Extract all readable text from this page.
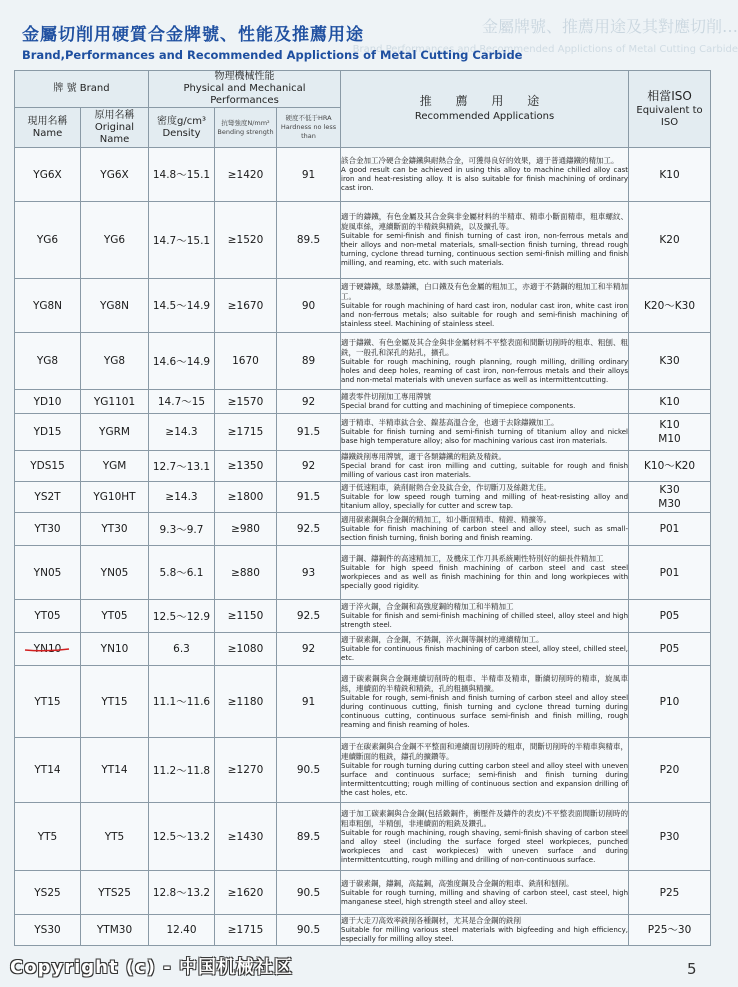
金屬牌號、推薦用途及其對應切削…
Brand,Performances and Recommended Applictions of Metal Cutting Carbide
金屬切削用硬質合金牌號、性能及推薦用途
Brand,Performances and Recommended Applictions of Metal Cutting Carbide
牌 號 Brand		物理機械性能
Physical and Mechanical Performances			推 薦 用 途
Recommended Applications	相當ISO
Equivalent to ISO

現用名稱
Name	原用名稱
Original Name	密度g/cm³
Density	抗彎強度N/mm²
Bending strength	硬度不低于HRA
Hardness no less than		

YG6X	YG6X	14.8～15.1	≥1420	91	該合金加工冷硬合金鑄鐵與耐熱合金，可獲得良好的效果，適于普通鑄鐵的精加工。
A good result can be achieved in using this alloy to machine chilled alloy cast iron and heat-resisting alloy. It is also suitable for finish machining of ordinary cast iron.	K10
YG6	YG6	14.7～15.1	≥1520	89.5	適于的鑄鐵，有色金屬及其合金與非金屬材料的半精車、精車小斷面精車，粗車螺紋、旋風車絲，連續斷面的半精銑與精銑，以及擴孔等。
Suitable for semi-finish and finish turning of cast iron, non-ferrous metals and their alloys and non-metal materials, small-section finish turning, thread rough turning, cyclone thread turning, continuous section semi-finish milling and finish milling, and reaming, etc. with such materials.	K20
YG8N	YG8N	14.5～14.9	≥1670	90	適于硬鑄鐵，球墨鑄鐵，白口鐵及有色金屬的粗加工，亦適于不銹鋼的粗加工和半精加工。
Suitable for rough machining of hard cast iron, nodular cast iron, white cast iron and non-ferrous metals; also suitable for rough and semi-finish machining of stainless steel. Machining of stainless steel.	K20～K30
YG8	YG8	14.6～14.9	1670	89	適于鑄鐵、有色金屬及其合金與非金屬材料不平整表面和間斷切削時的粗車、粗刨、粗銑，一般孔和深孔的鉆孔，擴孔。
Suitable for rough machining, rough planning, rough milling, drilling ordinary holes and deep holes, reaming of cast iron, non-ferrous metals and their alloys and non-metal materials with uneven surface as well as intermittentcutting.	K30
YD10	YG1101	14.7～15	≥1570	92	鐘表零件切削加工專用牌號
Special brand for cutting and machining of timepiece components.	K10
YD15	YGRM	≥14.3	≥1715	91.5	適于精車、半精車鈦合金、鎳基高溫合金，也適于去除鑄鐵加工。
Suitable for finish turning and semi-finish turning of titanium alloy and nickel base high temperature alloy; also for machining various cast iron materials.	K10
M10
YDS15	YGM	12.7～13.1	≥1350	92	鑄鐵銑削專用牌號，適于各類鑄鐵的粗銑及精銑。
Special brand for cast iron milling and cutting, suitable for rough and finish milling of various cast iron materials.	K10～K20
YS2T	YG10HT	≥14.3	≥1800	91.5	適于低速粗車，銑削耐熱合金及鈦合金，作切斷刀及絲錐尤佳。
Suitable for low speed rough turning and milling of heat-resisting alloy and titanium alloy, specially for cutter and screw tap.	K30
M30
YT30	YT30	9.3～9.7	≥980	92.5	適用碳素鋼與合金鋼的精加工，如小斷面精車、精鏜、精擴等。
Suitable for finish machining of carbon steel and alloy steel, such as small-section finish turning, finish boring and finish reaming.	P01
YN05	YN05	5.8～6.1	≥880	93	適于鋼、鑄鋼件的高速精加工，及機床工作刀具系統剛性特別好的細長件精加工
Suitable for high speed finish machining of carbon steel and cast steel workpieces and as well as finish machining for thin and long workpieces with specially good rigidity.	P01
YT05	YT05	12.5～12.9	≥1150	92.5	適于淬火鋼，合金鋼和高強度鋼的精加工和半精加工
Suitable for finish and semi-finish machining of chilled steel, alloy steel and high strength steel.	P05
YN10	YN10	6.3	≥1080	92	適于碳素鋼，合金鋼，不銹鋼，淬火鋼等鋼材的連續精加工。
Suitable for continuous finish machining of carbon steel, alloy steel, chilled steel, etc.	P05
YT15	YT15	11.1～11.6	≥1180	91	適于碳素鋼與合金鋼連續切削時的粗車、半精車及精車，斷續切削時的精車，旋風車絲，連續面的半精銑和精銑，孔的粗擴與精擴。
Suitable for rough, semi-finish and finish turning of carbon steel and alloy steel during continuous cutting, finish turning and cyclone thread turning during continuous cutting, continuous surface semi-finish and finish milling, rough reaming and finish reaming of holes.	P10
YT14	YT14	11.2～11.8	≥1270	90.5	適于在碳素鋼與合金鋼不平整面和連續面切削時的粗車，間斷切削時的半精車與精車，連續斷面的粗銑，鑄孔的擴鑽等。
Suitable for rough turning during cutting carbon steel and alloy steel with uneven surface and continuous surface; semi-finish and finish turning during intermittentcutting; rough milling of continuous section and expansion drilling of the cast holes, etc.	P20
YT5	YT5	12.5～13.2	≥1430	89.5	適于加工碳素鋼與合金鋼(包括鍛鋼件，衝壓件及鑄件的表皮)不平整表面間斷切削時的粗車粗刨，半精刨，非連續面的粗銑及鑽孔。
Suitable for rough machining, rough shaving, semi-finish shaving of carbon steel and alloy steel (including the surface forged steel workpieces, punched workpieces and cast workpieces) with uneven surface and during intermittentcutting, rough milling and drilling of non-continuous surface.	P30
YS25	YTS25	12.8～13.2	≥1620	90.5	適于碳素鋼，鑄鋼，高錳鋼，高強度鋼及合金鋼的粗車、銑削和刨削。
Suitable for rough turning, milling and shaving of carbon steel, cast steel, high manganese steel, high strength steel and alloy steel.	P25
YS30	YTM30	12.40	≥1715	90.5	適于大走刀高效率銑削各種鋼材，尤其是合金鋼的銑削
Suitable for milling various steel materials with bigfeeding and high efficiency, especially for milling alloy steel.	P25～30
Copyright (c) - 中国机械社区	5
